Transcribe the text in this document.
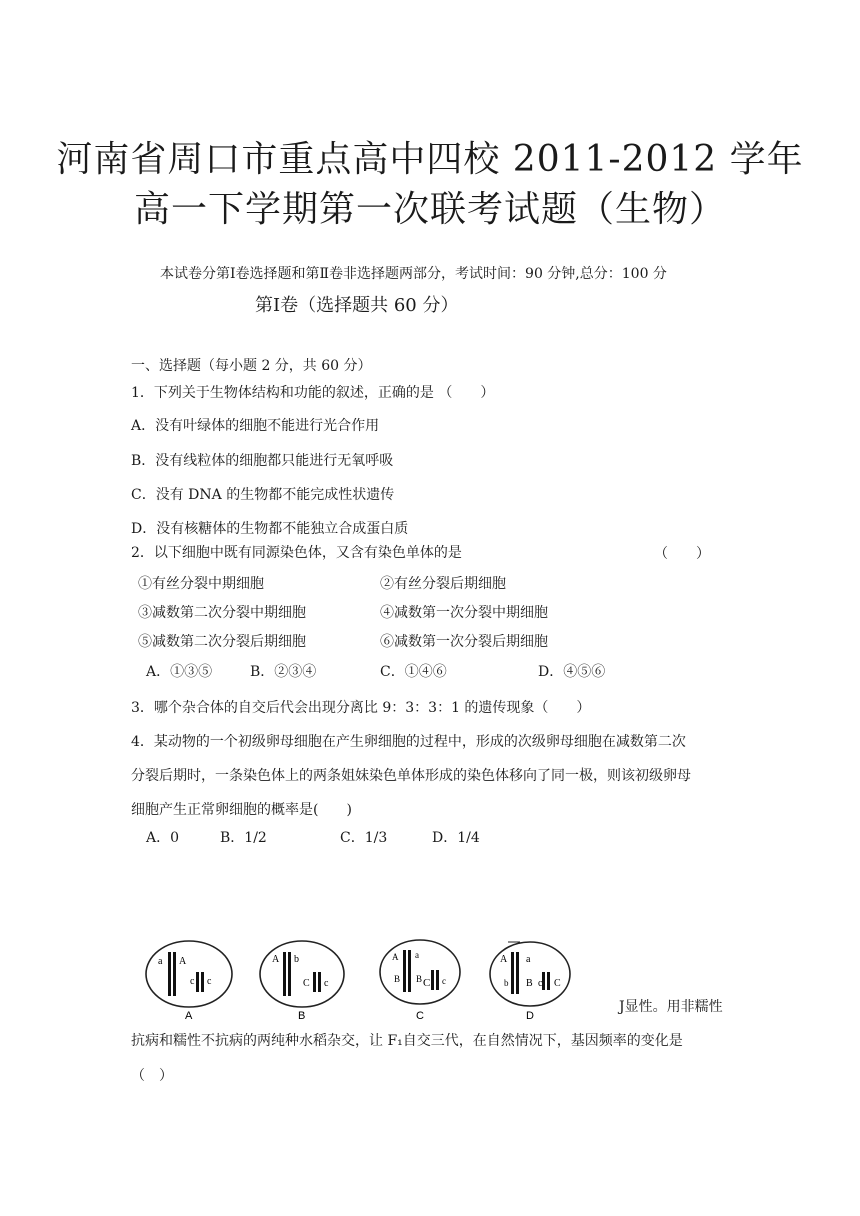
河南省周口市重点高中四校 2011-2012 学年
高一下学期第一次联考试题（生物）
本试卷分第Ⅰ卷选择题和第Ⅱ卷非选择题两部分，考试时间：90 分钟,总分：100 分
第Ⅰ卷（选择题共 60 分）
一、选择题（每小题 2 分，共 60 分）
1．下列关于生物体结构和功能的叙述，正确的是 （　　）
A．没有叶绿体的细胞不能进行光合作用
B．没有线粒体的细胞都只能进行无氧呼吸
C．没有 DNA 的生物都不能完成性状遗传
D．没有核糖体的生物都不能独立合成蛋白质
2．以下细胞中既有同源染色体，又含有染色单体的是	（　　）
①有丝分裂中期细胞	②有丝分裂后期细胞
③减数第二次分裂中期细胞	④减数第一次分裂中期细胞
⑤减数第二次分裂后期细胞	⑥减数第一次分裂后期细胞
A．①③⑤	B．②③④	C．①④⑥	D．④⑤⑥
3．哪个杂合体的自交后代会出现分离比 9：3：3：1 的遗传现象（　　）
4．某动物的一个初级卵母细胞在产生卵细胞的过程中，形成的次级卵母细胞在减数第二次
分裂后期时，一条染色体上的两条姐妹染色单体形成的染色体移向了同一极，则该初级卵母
细胞产生正常卵细胞的概率是(　　)
A．0	B．1/2	C．1/3	D．1/4
a A
c c
A
A b
C c
B
A a
B B C c
C
A a
b B c C
D
J显性。用非糯性
抗病和糯性不抗病的两纯种水稻杂交，让 F₁自交三代，在自然情况下，基因频率的变化是
（　）
